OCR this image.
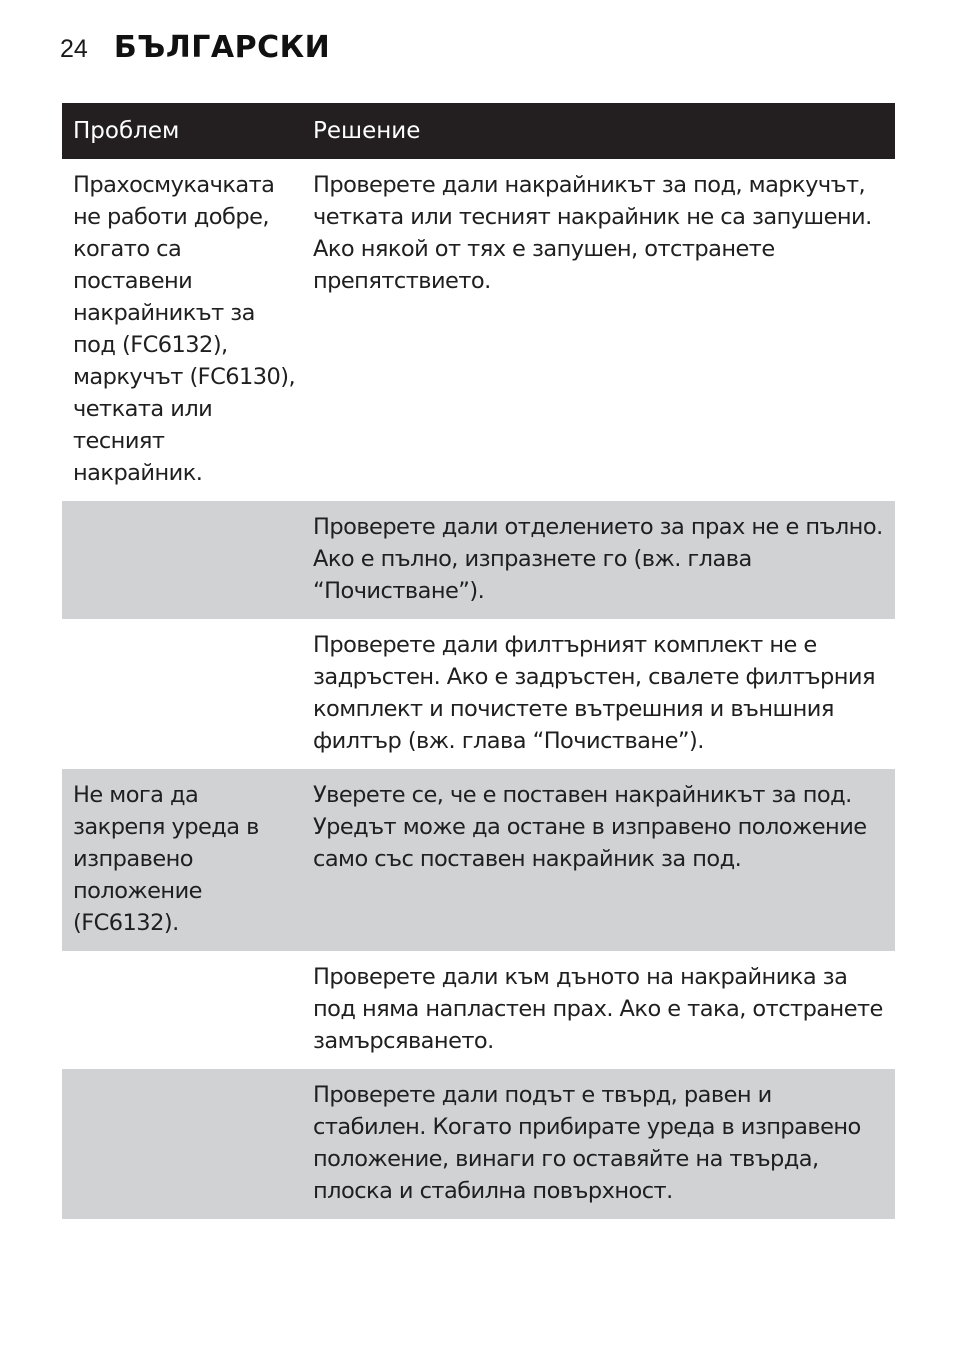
24 БЪЛГАРСКИ
Проблем	Решение
Прахосмукачката не работи добре, когато са поставени накрайникът за под (FC6132), маркучът (FC6130), четката или тесният накрайник.	Проверете дали накрайникът за под, маркучът, четката или тесният накрайник не са запушени. Ако някой от тях е запушен, отстранете препятствието.
	Проверете дали отделението за прах не е пълно. Ако е пълно, изпразнете го (вж. глава “Почистване”).
	Проверете дали филтърният комплект не е задръстен. Ако е задръстен, свалете филтърния комплект и почистете вътрешния и външния филтър (вж. глава “Почистване”).
Не мога да закрепя уреда в изправено положение (FC6132).	Уверете се, че е поставен накрайникът за под. Уредът може да остане в изправено положение само със поставен накрайник за под.
	Проверете дали към дъното на накрайника за под няма напластен прах. Ако е така, отстранете замърсяването.
	Проверете дали подът е твърд, равен и стабилен. Когато прибирате уреда в изправено положение, винаги го оставяйте на твърда, плоска и стабилна повърхност.
